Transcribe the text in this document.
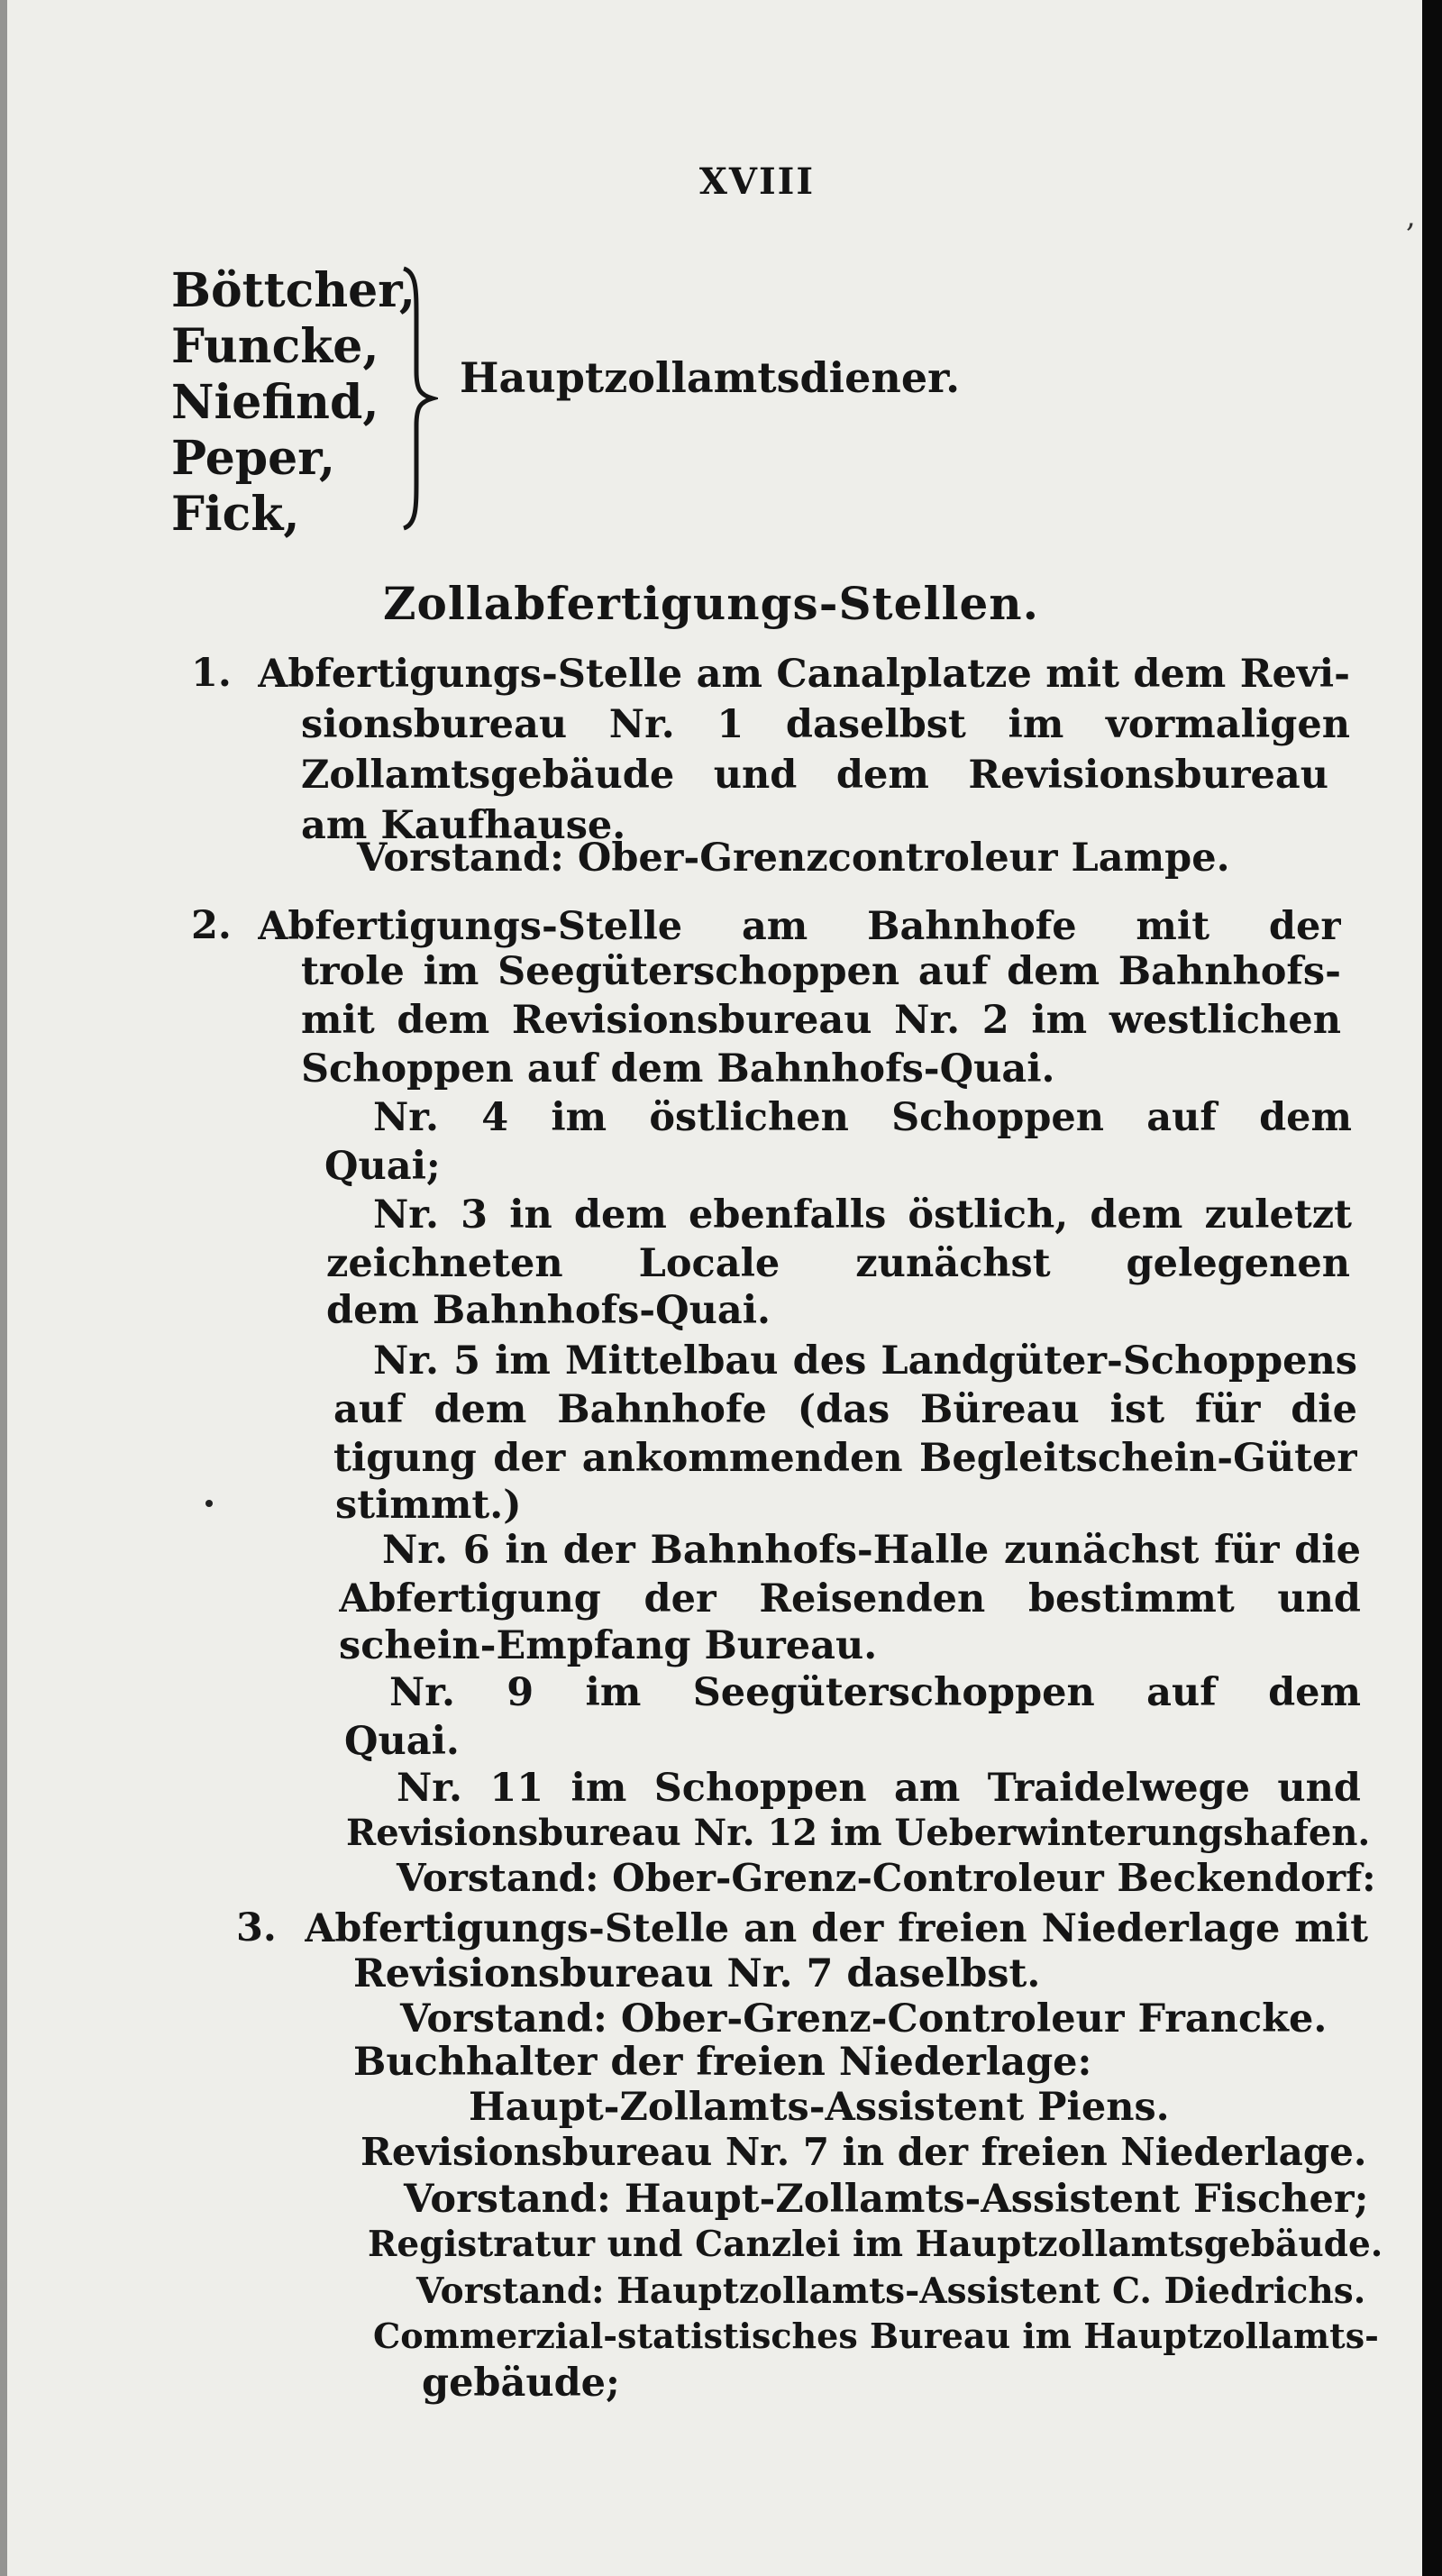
,
XVIII
Böttcher,
Funcke,
Niefind,
Peper,
Fick,
Hauptzollamtsdiener.
Zollabfertigungs-Stellen.
1. Abfertigungs-Stelle am Canalplatze mit dem Revi-
sionsbureau Nr. 1 daselbst im vormaligen
Zollamtsgebäude und dem Revisionsbureau
am Kaufhause.
Vorstand: Ober-Grenzcontroleur Lampe.
2. Abfertigungs-Stelle am Bahnhofe mit der
trole im Seegüterschoppen auf dem Bahnhofs-
mit dem Revisionsbureau Nr. 2 im westlichen
Schoppen auf dem Bahnhofs-Quai.
Nr. 4 im östlichen Schoppen auf dem
Quai;
Nr. 3 in dem ebenfalls östlich, dem zuletzt
zeichneten Locale zunächst gelegenen
dem Bahnhofs-Quai.
Nr. 5 im Mittelbau des Landgüter-Schoppens
auf dem Bahnhofe (das Büreau ist für die
tigung der ankommenden Begleitschein-Güter
stimmt.)
Nr. 6 in der Bahnhofs-Halle zunächst für die
Abfertigung der Reisenden bestimmt und
schein-Empfang Bureau.
Nr. 9 im Seegüterschoppen auf dem
Quai.
Nr. 11 im Schoppen am Traidelwege und
Revisionsbureau Nr. 12 im Ueberwinterungshafen.
Vorstand: Ober-Grenz-Controleur Beckendorf:
3. Abfertigungs-Stelle an der freien Niederlage mit
Revisionsbureau Nr. 7 daselbst.
Vorstand: Ober-Grenz-Controleur Francke.
Buchhalter der freien Niederlage:
Haupt-Zollamts-Assistent Piens.
Revisionsbureau Nr. 7 in der freien Niederlage.
Vorstand: Haupt-Zollamts-Assistent Fischer;
Registratur und Canzlei im Hauptzollamtsgebäude.
Vorstand: Hauptzollamts-Assistent C. Diedrichs.
Commerzial-statistisches Bureau im Hauptzollamts-
gebäude;
